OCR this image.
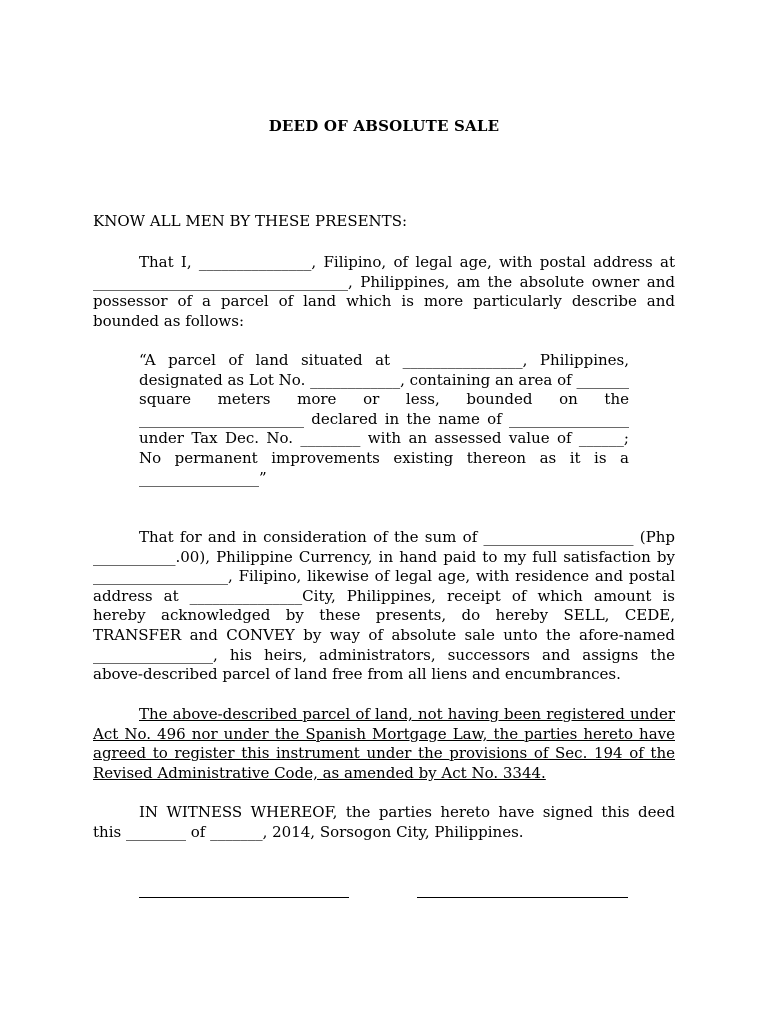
DEED OF ABSOLUTE SALE
KNOW ALL MEN BY THESE PRESENTS:
That I, _______________, Filipino, of legal age, with postal address at __________________________________, Philippines, am the absolute owner and possessor of a parcel of land which is more particularly describe and bounded as follows:
“A parcel of land situated at ________________, Philippines, designated as Lot No. ____________, containing an area of _______ square meters more or less, bounded on the ______________________ declared in the name of ________________ under Tax Dec. No. ________ with an assessed value of ______; No permanent improvements existing thereon as it is a ________________”
That for and in consideration of the sum of ____________________ (Php ___________.00), Philippine Currency, in hand paid to my full satisfaction by __________________, Filipino, likewise of legal age, with residence and postal address at _______________City, Philippines, receipt of which amount is hereby acknowledged by these presents, do hereby SELL, CEDE, TRANSFER and CONVEY by way of absolute sale unto the afore-named ________________, his heirs, administrators, successors and assigns the above-described parcel of land free from all liens and encumbrances.
The above-described parcel of land, not having been registered under Act No. 496 nor under the Spanish Mortgage Law, the parties hereto have agreed to register this instrument under the provisions of Sec. 194 of the Revised Administrative Code, as amended by Act No. 3344.
IN WITNESS WHEREOF, the parties hereto have signed this deed this ________ of _______, 2014, Sorsogon City, Philippines.
